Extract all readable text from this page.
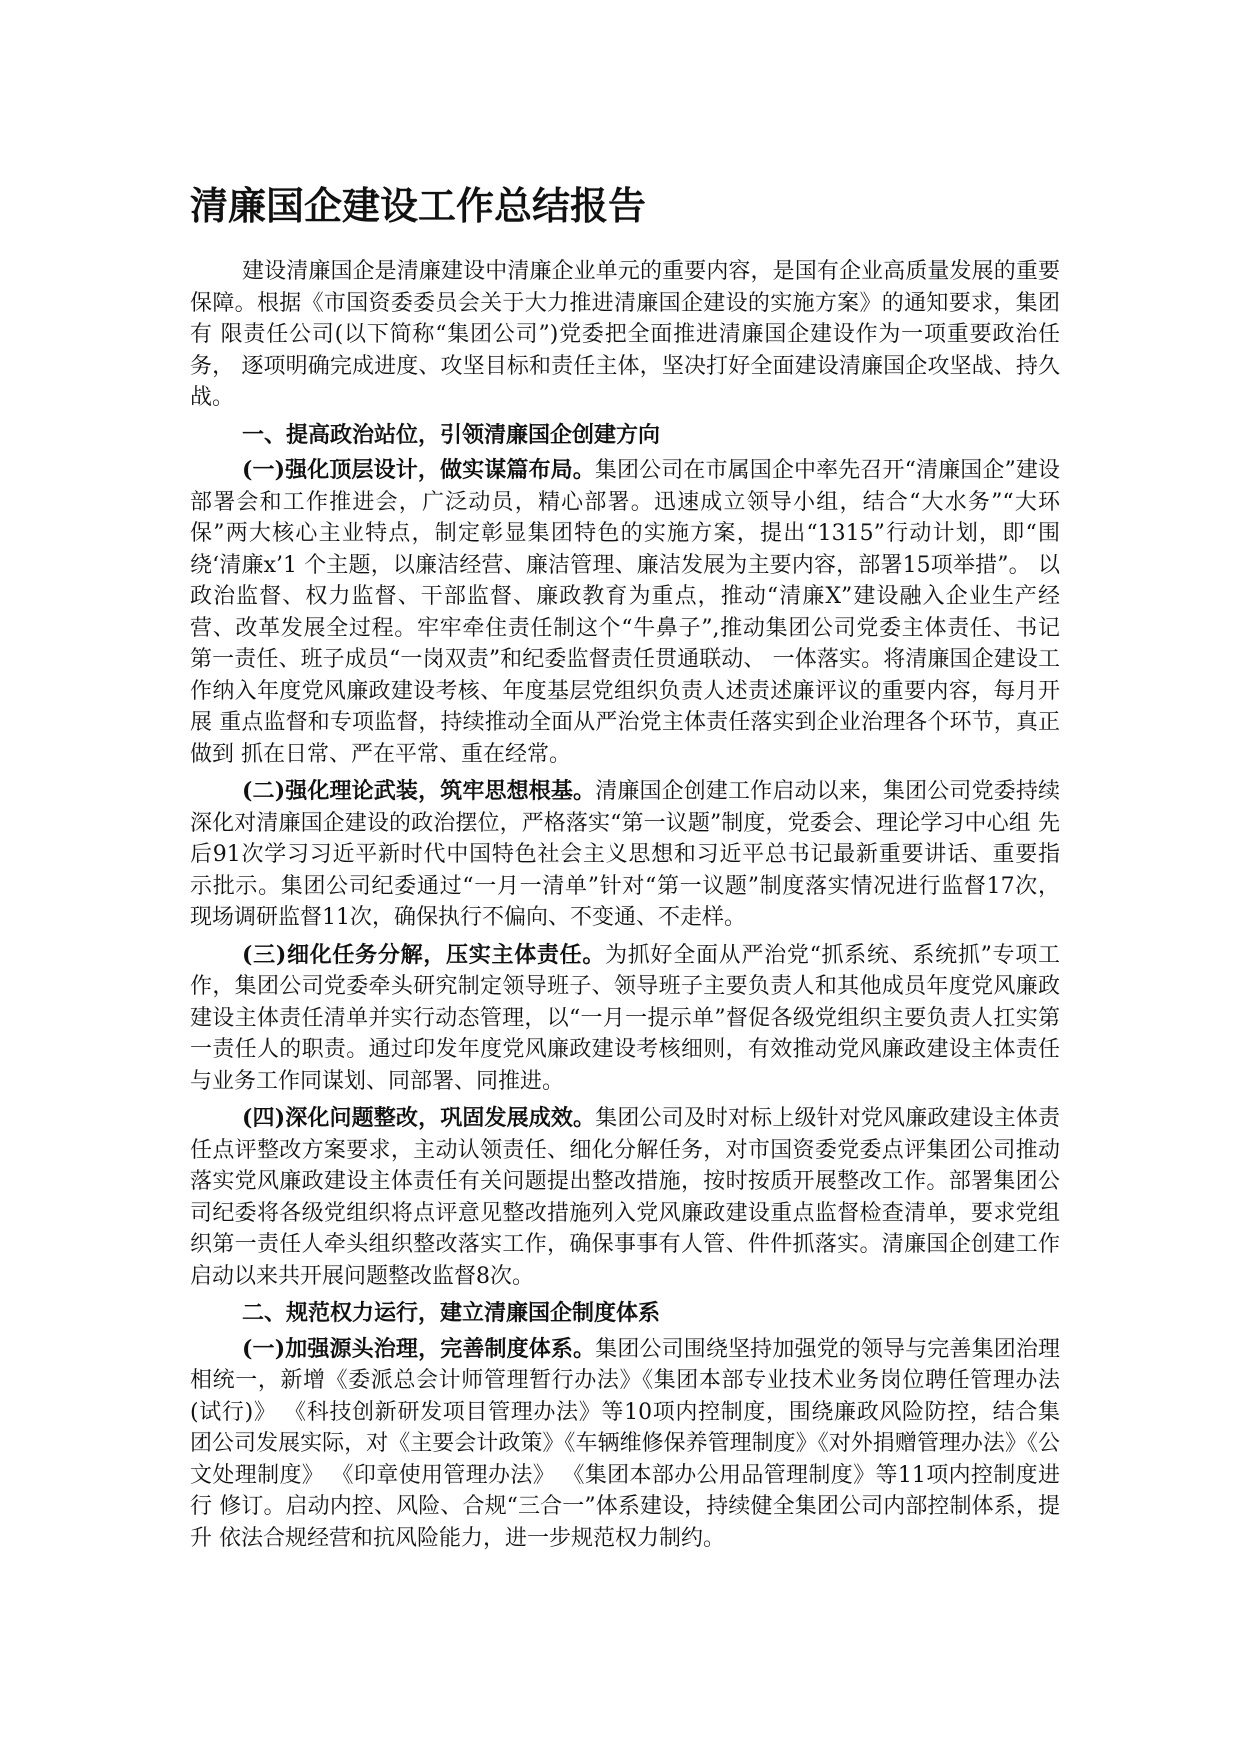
清廉国企建设工作总结报告

建设清廉国企是清廉建设中清廉企业单元的重要内容，是国有企业高质量发展的重要保障。根据《市国资委委员会关于大力推进清廉国企建设的实施方案》的通知要求，集团有 限责任公司(以下简称“集团公司”)党委把全面推进清廉国企建设作为一项重要政治任务， 逐项明确完成进度、攻坚目标和责任主体，坚决打好全面建设清廉国企攻坚战、持久战。

一、提高政治站位，引领清廉国企创建方向

(一)强化顶层设计，做实谋篇布局。集团公司在市属国企中率先召开“清廉国企”建设部署会和工作推进会，广泛动员，精心部署。迅速成立领导小组，结合“大水务”“大环保”两大核心主业特点，制定彰显集团特色的实施方案，提出“1315”行动计划，即“围绕‘清廉x’1 个主题，以廉洁经营、廉洁管理、廉洁发展为主要内容，部署15项举措”。 以政治监督、权力监督、干部监督、廉政教育为重点，推动“清廉X”建设融入企业生产经 营、改革发展全过程。牢牢牵住责任制这个“牛鼻子”,推动集团公司党委主体责任、书记 第一责任、班子成员“一岗双责”和纪委监督责任贯通联动、 一体落实。将清廉国企建设工 作纳入年度党风廉政建设考核、年度基层党组织负责人述责述廉评议的重要内容，每月开展 重点监督和专项监督，持续推动全面从严治党主体责任落实到企业治理各个环节，真正做到 抓在日常、严在平常、重在经常。

(二)强化理论武装，筑牢思想根基。清廉国企创建工作启动以来，集团公司党委持续深化对清廉国企建设的政治摆位，严格落实“第一议题”制度，党委会、理论学习中心组 先后91次学习习近平新时代中国特色社会主义思想和习近平总书记最新重要讲话、重要指 示批示。集团公司纪委通过“一月一清单”针对“第一议题”制度落实情况进行监督17次， 现场调研监督11次，确保执行不偏向、不变通、不走样。

(三)细化任务分解，压实主体责任。为抓好全面从严治党“抓系统、系统抓”专项工作，集团公司党委牵头研究制定领导班子、领导班子主要负责人和其他成员年度党风廉政建设主体责任清单并实行动态管理，以“一月一提示单”督促各级党组织主要负责人扛实第一责任人的职责。通过印发年度党风廉政建设考核细则，有效推动党风廉政建设主体责任与业务工作同谋划、同部署、同推进。

(四)深化问题整改，巩固发展成效。集团公司及时对标上级针对党风廉政建设主体责任点评整改方案要求，主动认领责任、细化分解任务，对市国资委党委点评集团公司推动落实党风廉政建设主体责任有关问题提出整改措施，按时按质开展整改工作。部署集团公司纪委将各级党组织将点评意见整改措施列入党风廉政建设重点监督检查清单，要求党组织第一责任人牵头组织整改落实工作，确保事事有人管、件件抓落实。清廉国企创建工作启动以来共开展问题整改监督8次。

二、规范权力运行，建立清廉国企制度体系

(一)加强源头治理，完善制度体系。集团公司围绕坚持加强党的领导与完善集团治理相统一，新增《委派总会计师管理暂行办法》《集团本部专业技术业务岗位聘任管理办法(试行)》 《科技创新研发项目管理办法》等10项内控制度，围绕廉政风险防控，结合集 团公司发展实际，对《主要会计政策》《车辆维修保养管理制度》《对外捐赠管理办法》《公 文处理制度》 《印章使用管理办法》 《集团本部办公用品管理制度》等11项内控制度进行 修订。启动内控、风险、合规“三合一”体系建设，持续健全集团公司内部控制体系，提升 依法合规经营和抗风险能力，进一步规范权力制约。
